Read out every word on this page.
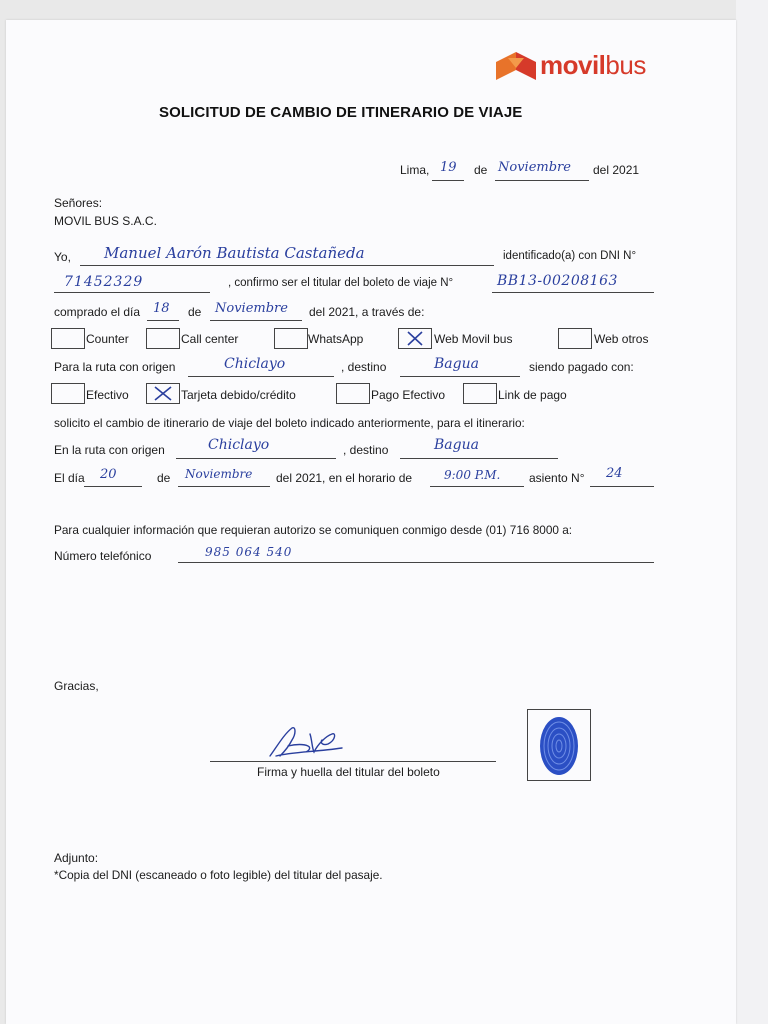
movilbus
SOLICITUD DE CAMBIO DE ITINERARIO DE VIAJE
Lima, 19 de Noviembre del 2021
Señores:
MOVIL BUS S.A.C.
Yo, Manuel Aarón Bautista Castañeda	identificado(a) con DNI N°
71452329	, confirmo ser el titular del boleto de viaje N°	BB13-00208163
comprado el día 18 de Noviembre del 2021, a través de:
Counter	Call center	WhatsApp	Web Movil bus	Web otros
Para la ruta con origen	Chiclayo	, destino	Bagua	siendo pagado con:
Efectivo	Tarjeta debido/crédito	Pago Efectivo	Link de pago
solicito el cambio de itinerario de viaje del boleto indicado anteriormente, para el itinerario:
En la ruta con origen	Chiclayo	, destino	Bagua
El día 20	de Noviembre del 2021, en el horario de	9:00 P.M. asiento N° 24
Para cualquier información que requieran autorizo se comuniquen conmigo desde (01) 716 8000 a:
Número telefónico	985 064 540
Gracias,
Firma y huella del titular del boleto
Adjunto:
*Copia del DNI (escaneado o foto legible) del titular del pasaje.
